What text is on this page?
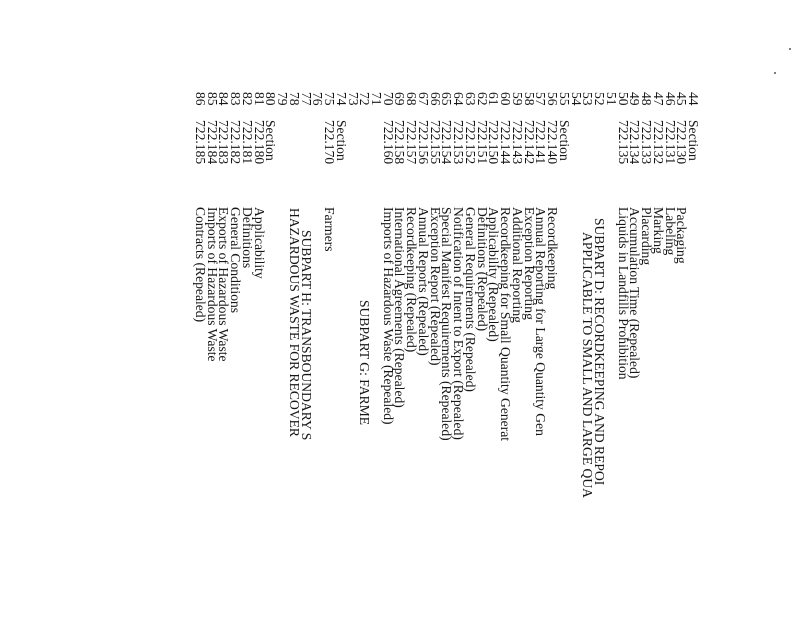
44
Section
45
722.130
Packaging
46
722.131
Labeling
47
722.132
Marking
48
722.133
Placarding
49
722.134
Accumulation Time (Repealed)
50
722.135
Liquids in Landfills Prohibition
51
52
SUBPART D: RECORDKEEPING AND REPOI
53
APPLICABLE TO SMALL AND LARGE QUA
54
55
Section
56
722.140
Recordkeeping
57
722.141
Annual Reporting for Large Quantity Gen
58
722.142
Exception Reporting
59
722.143
Additional Reporting
60
722.144
Recordkeeping for Small Quantity Generat
61
722.150
Applicability (Repealed)
62
722.151
Definitions (Repealed)
63
722.152
General Requirements (Repealed)
64
722.153
Notification of Intent to Export (Repealed)
65
722.154
Special Manifest Requirements (Repealed)
66
722.155
Exception Report (Repealed)
67
722.156
Annual Reports (Repealed)
68
722.157
Recordkeeping (Repealed)
69
722.158
International Agreements (Repealed)
70
722.160
Imports of Hazardous Waste (Repealed)
71
72
SUBPART G: FARME
73
74
Section
75
722.170
Farmers
76
77
SUBPART H: TRANSBOUNDARY S
78
HAZARDOUS WASTE FOR RECOVER
79
80
Section
81
722.180
Applicability
82
722.181
Definitions
83
722.182
General Conditions
84
722.183
Exports of Hazardous Waste
85
722.184
Imports of Hazardous Waste
86
722.185
Contracts (Repealed)
